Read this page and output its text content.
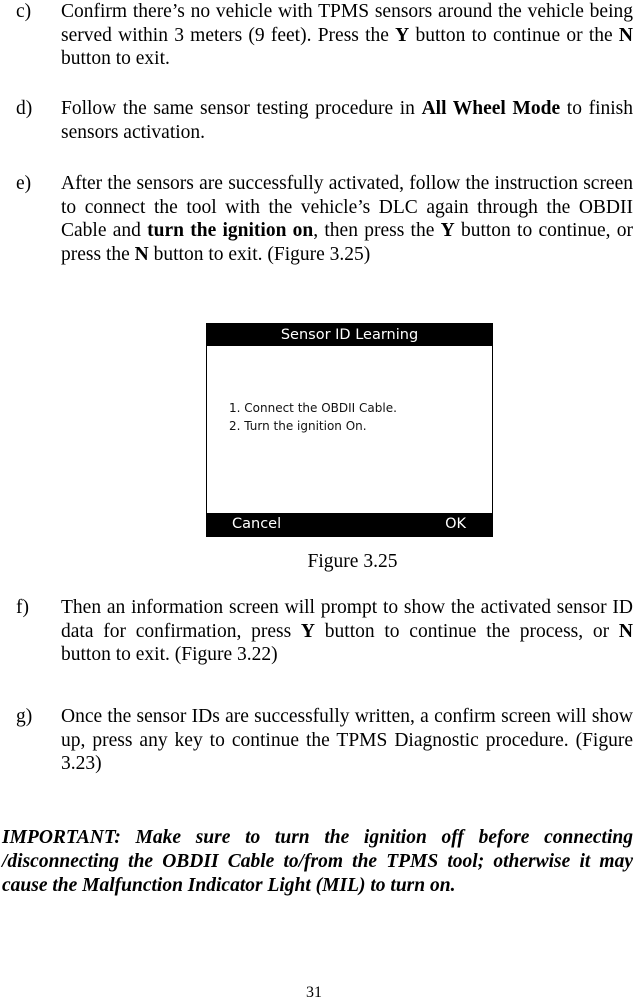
c) Confirm there’s no vehicle with TPMS sensors around the vehicle being served within 3 meters (9 feet). Press the Y button to continue or the N button to exit.
d) Follow the same sensor testing procedure in All Wheel Mode to finish sensors activation.
e) After the sensors are successfully activated, follow the instruction screen to connect the tool with the vehicle’s DLC again through the OBDII Cable and turn the ignition on, then press the Y button to continue, or press the N button to exit. (Figure 3.25)
Sensor ID Learning
1. Connect the OBDII Cable.
2. Turn the ignition On.
Cancel	OK
Figure 3.25
f) Then an information screen will prompt to show the activated sensor ID data for confirmation, press Y button to continue the process, or N button to exit. (Figure 3.22)
g) Once the sensor IDs are successfully written, a confirm screen will show up, press any key to continue the TPMS Diagnostic procedure. (Figure 3.23)
IMPORTANT: Make sure to turn the ignition off before connecting /disconnecting the OBDII Cable to/from the TPMS tool; otherwise it may cause the Malfunction Indicator Light (MIL) to turn on.
31
